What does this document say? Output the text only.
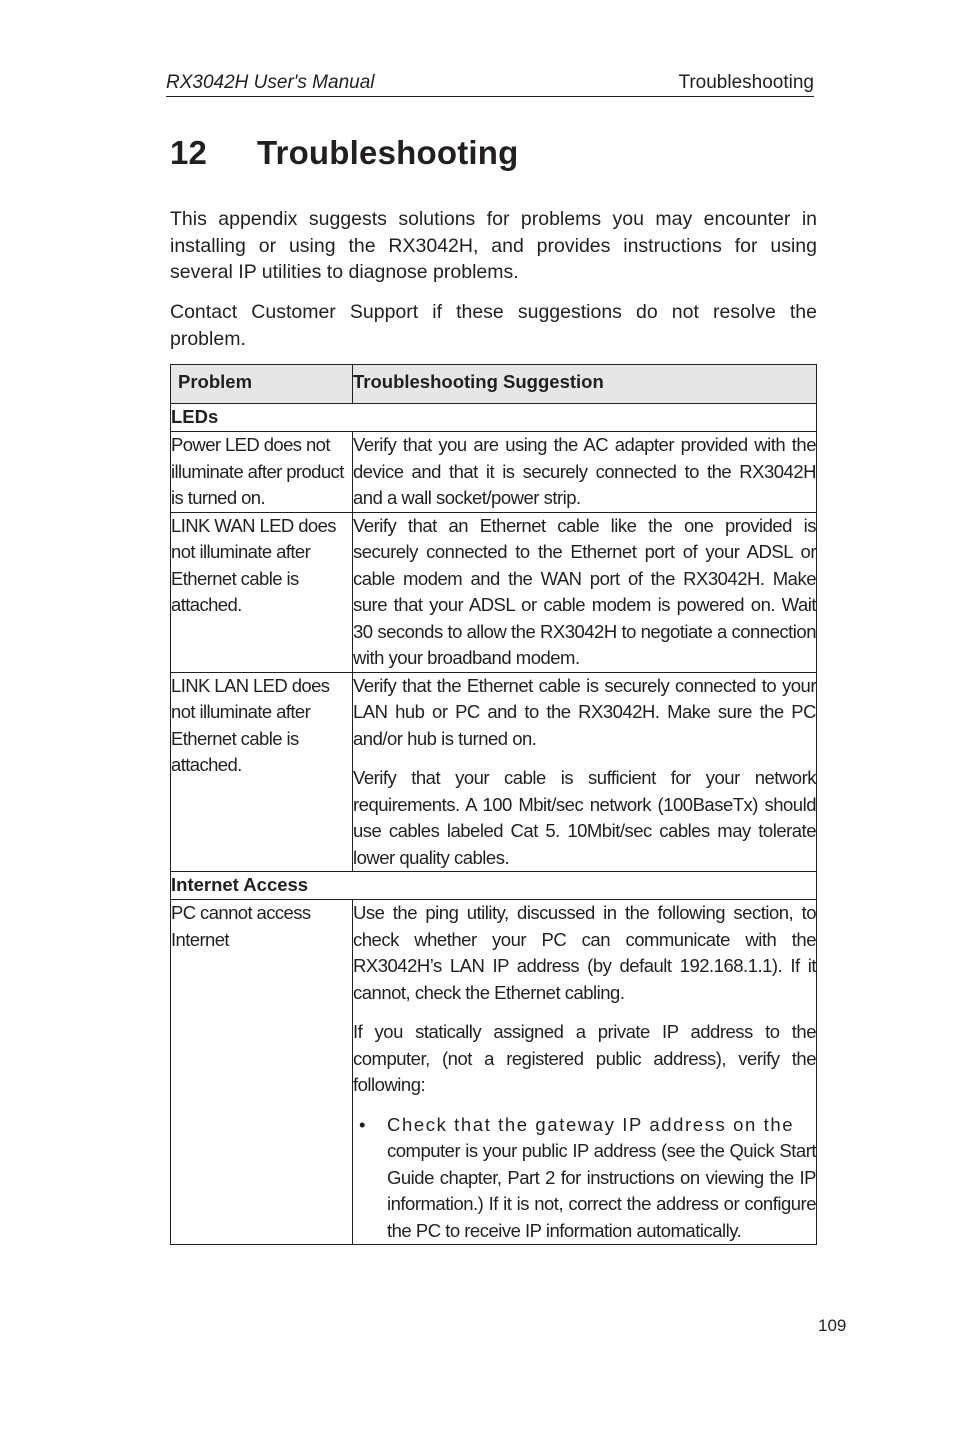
RX3042H User's Manual	Troubleshooting
12 Troubleshooting

This appendix suggests solutions for problems you may encounter in installing or using the RX3042H, and provides instructions for using several IP utilities to diagnose problems.

Contact Customer Support if these suggestions do not resolve the problem.

Problem	Troubleshooting Suggestion

LEDs	
Power LED does not illuminate after product is turned on.	Verify that you are using the AC adapter provided with the device and that it is securely connected to the RX3042H and a wall socket/power strip.

LINK WAN LED does not illuminate after Ethernet cable is attached.	Verify that an Ethernet cable like the one provided is securely connected to the Ethernet port of your ADSL or cable modem and the WAN port of the RX3042H. Make sure that your ADSL or cable modem is powered on. Wait 30 seconds to allow the RX3042H to negotiate a connection with your broadband modem.

LINK LAN LED does not illuminate after Ethernet cable is attached.	Verify that the Ethernet cable is securely connected to your LAN hub or PC and to the RX3042H. Make sure the PC and/or hub is turned on.
Verify that your cable is sufficient for your network requirements. A 100 Mbit/sec network (100BaseTx) should use cables labeled Cat 5. 10Mbit/sec cables may tolerate lower quality cables.

Internet Access	
PC cannot access Internet	Use the ping utility, discussed in the following section, to check whether your PC can communicate with the RX3042H’s LAN IP address (by default 192.168.1.1). If it cannot, check the Ethernet cabling.
If you statically assigned a private IP address to the computer, (not a registered public address), verify the following:
• Check that the gateway IP address on the
computer is your public IP address (see the Quick Start Guide chapter, Part 2 for instructions on viewing the IP information.) If it is not, correct the address or configure the PC to receive IP information automatically.
109
